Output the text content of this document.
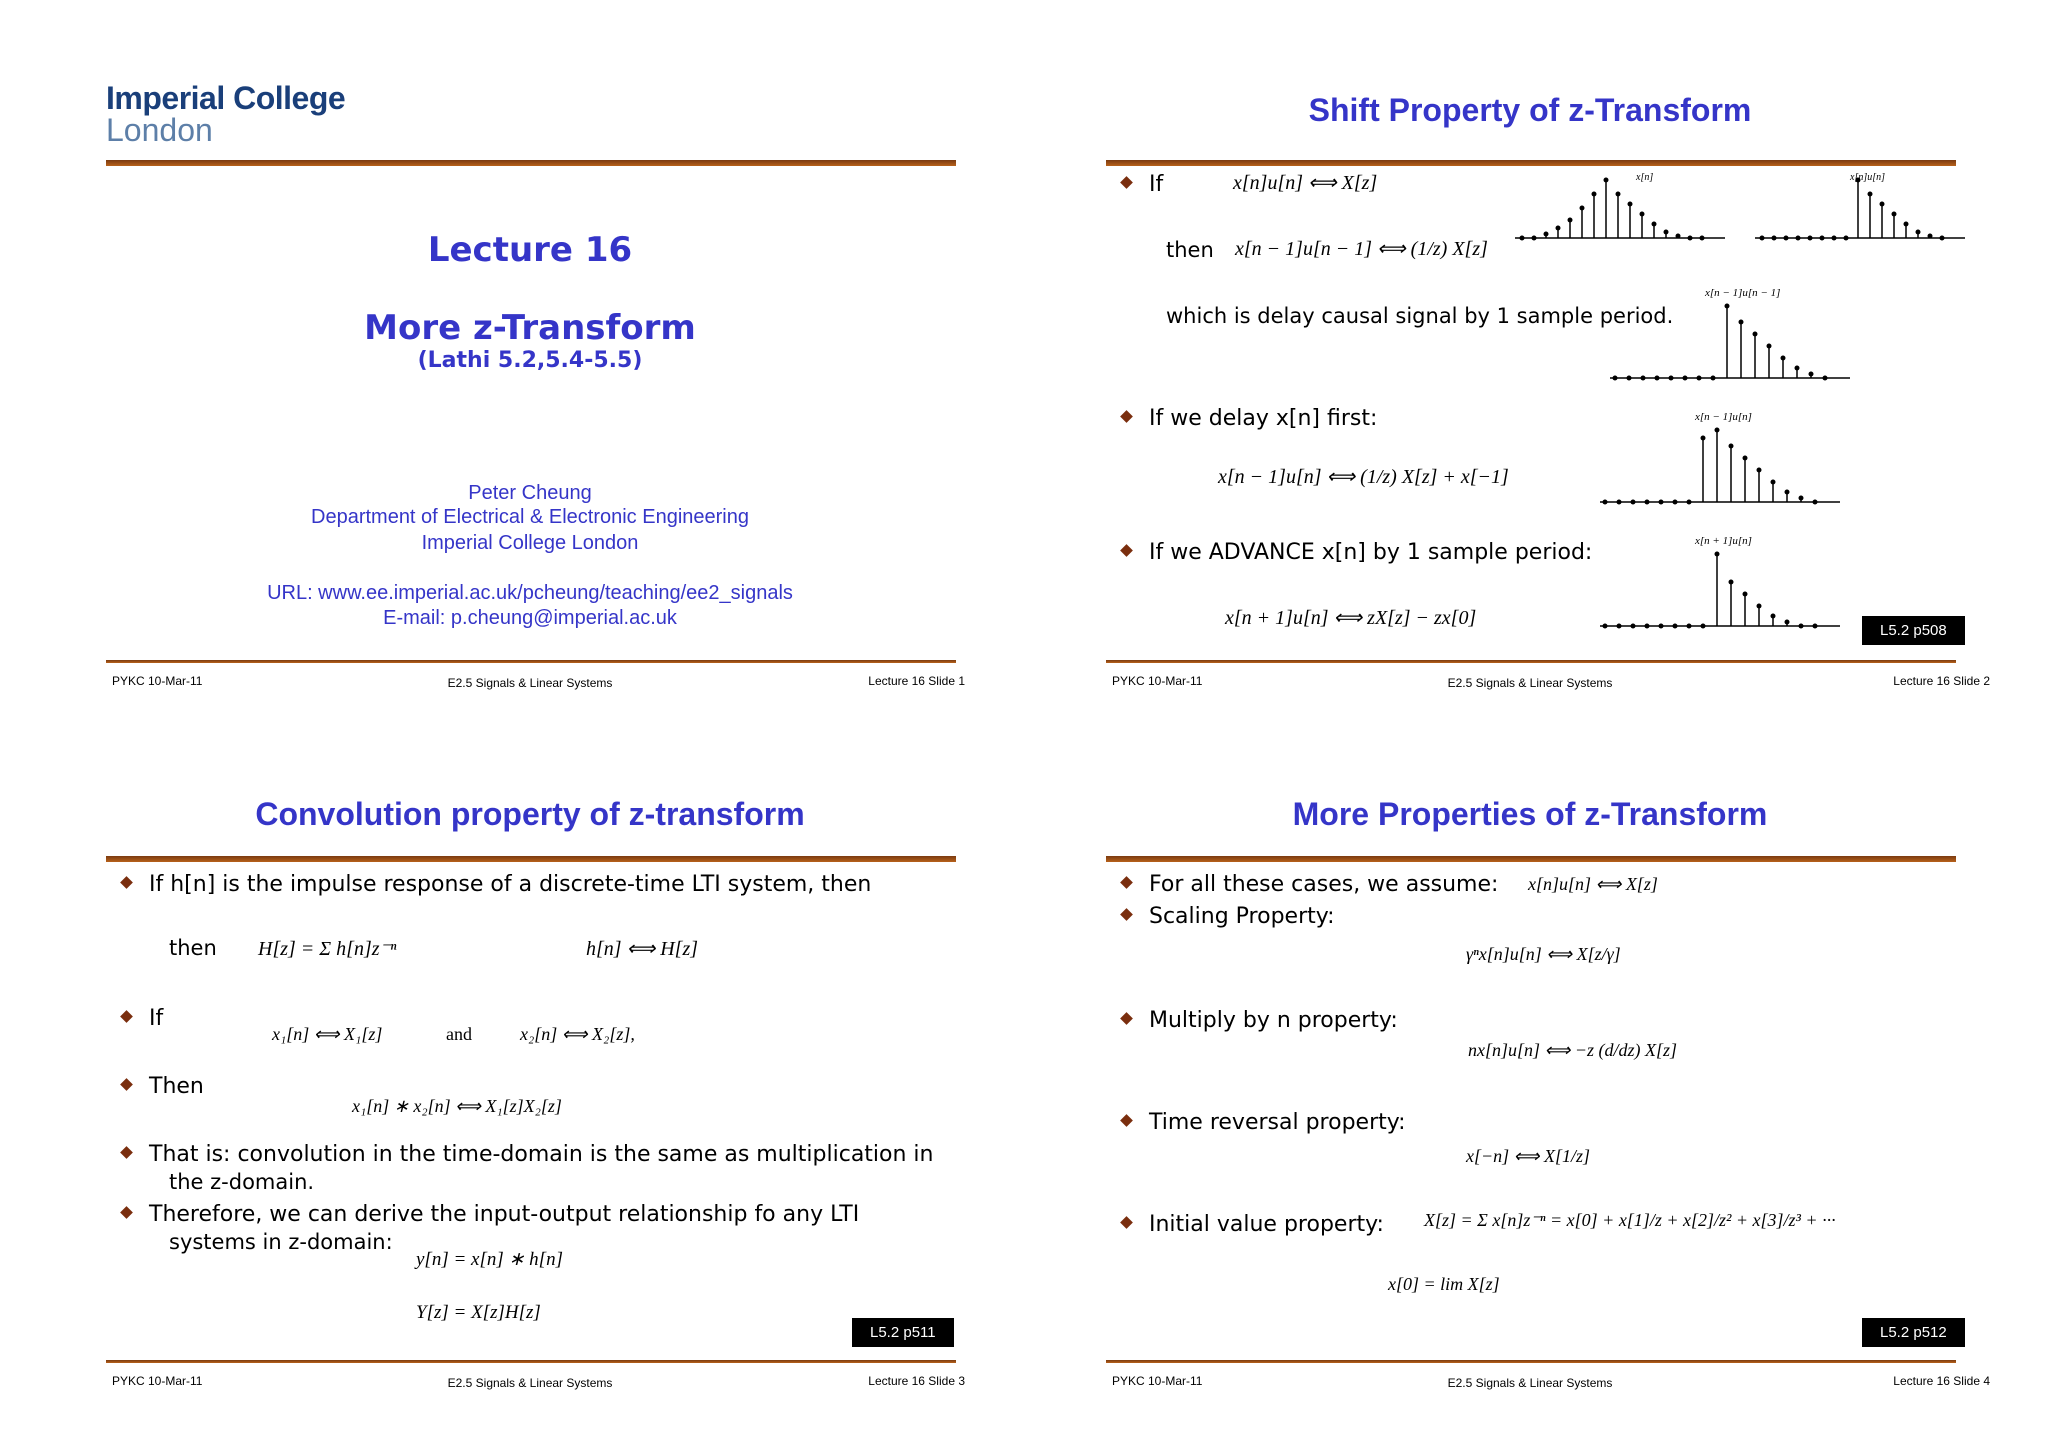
Imperial College
London
Lecture 16
More z-Transform
(Lathi 5.2,5.4-5.5)
Peter Cheung
Department of Electrical & Electronic Engineering
Imperial College London
URL: www.ee.imperial.ac.uk/pcheung/teaching/ee2_signals
E-mail: p.cheung@imperial.ac.uk
PYKC 10-Mar-11	E2.5 Signals & Linear Systems	Lecture 16 Slide 1
Shift Property of z-Transform
If	x[n]u[n] ⟺ X[z]
then x[n − 1]u[n − 1] ⟺ (1/z) X[z]
which is delay causal signal by 1 sample period.
If we delay x[n] first:
x[n − 1]u[n] ⟺ (1/z) X[z] + x[−1]
If we ADVANCE x[n] by 1 sample period:
x[n + 1]u[n] ⟺ zX[z] − zx[0]
x[n]	x[n]u[n]
x[n − 1]u[n − 1]
x[n − 1]u[n]
x[n + 1]u[n]
L5.2 p508
PYKC 10-Mar-11	E2.5 Signals & Linear Systems	Lecture 16 Slide 2
Convolution property of z-transform
If h[n] is the impulse response of a discrete-time LTI system, then
then H[z] = Σ h[n]z⁻ⁿ	h[n] ⟺ H[z]
If
x₁[n] ⟺ X₁[z]	and	x₂[n] ⟺ X₂[z],
Then
x₁[n] ∗ x₂[n] ⟺ X₁[z]X₂[z]
That is: convolution in the time-domain is the same as multiplication in
the z-domain.
Therefore, we can derive the input-output relationship fo any LTI
systems in z-domain:
y[n] = x[n] ∗ h[n]
Y[z] = X[z]H[z]
L5.2 p511
PYKC 10-Mar-11	E2.5 Signals & Linear Systems	Lecture 16 Slide 3
More Properties of z-Transform
For all these cases, we assume: x[n]u[n] ⟺ X[z]
Scaling Property:
γⁿx[n]u[n] ⟺ X[z/γ]
Multiply by n property:
nx[n]u[n] ⟺ −z (d/dz) X[z]
Time reversal property:
x[−n] ⟺ X[1/z]
Initial value property: X[z] = Σ x[n]z⁻ⁿ = x[0] + x[1]/z + x[2]/z² + x[3]/z³ + ···
x[0] = lim X[z]
L5.2 p512
PYKC 10-Mar-11	E2.5 Signals & Linear Systems	Lecture 16 Slide 4
